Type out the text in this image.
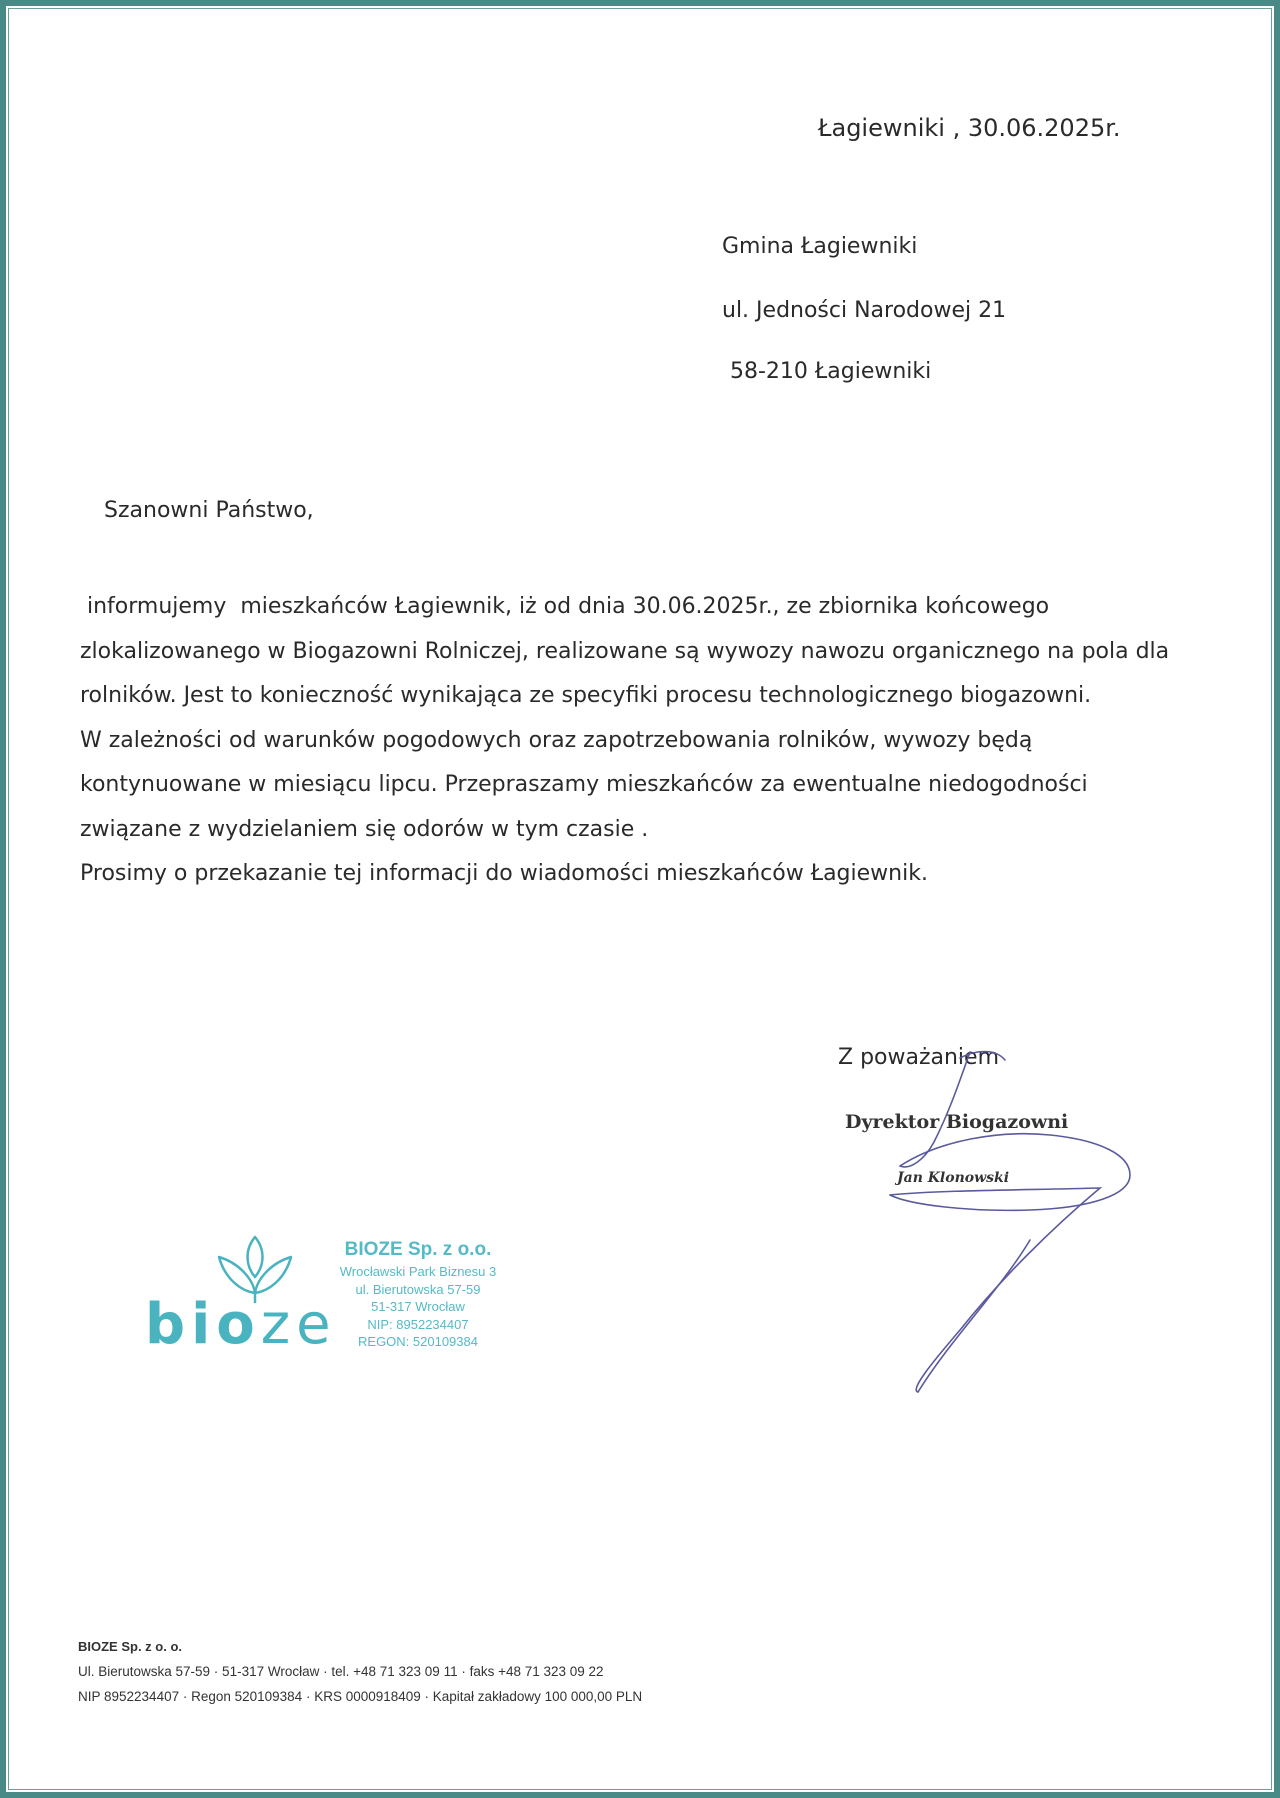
Łagiewniki , 30.06.2025r.
Gmina Łagiewniki
ul. Jedności Narodowej 21
58-210 Łagiewniki
Szanowni Państwo,
informujemy  mieszkańców Łagiewnik, iż od dnia 30.06.2025r., ze zbiornika końcowego
zlokalizowanego w Biogazowni Rolniczej, realizowane są wywozy nawozu organicznego na pola dla
rolników. Jest to konieczność wynikająca ze specyfiki procesu technologicznego biogazowni.
W zależności od warunków pogodowych oraz zapotrzebowania rolników, wywozy będą
kontynuowane w miesiącu lipcu. Przepraszamy mieszkańców za ewentualne niedogodności
związane z wydzielaniem się odorów w tym czasie .
Prosimy o przekazanie tej informacji do wiadomości mieszkańców Łagiewnik.
Z poważaniem
Dyrektor Biogazowni
Jan Klonowski
bioze
BIOZE Sp. z o.o.
Wrocławski Park Biznesu 3
ul. Bierutowska 57-59
51-317 Wrocław
NIP: 8952234407
REGON: 520109384
BIOZE Sp. z o. o.
Ul. Bierutowska 57-59 · 51-317 Wrocław · tel. +48 71 323 09 11 · faks +48 71 323 09 22
NIP 8952234407 · Regon 520109384 · KRS 0000918409 · Kapitał zakładowy 100 000,00 PLN
